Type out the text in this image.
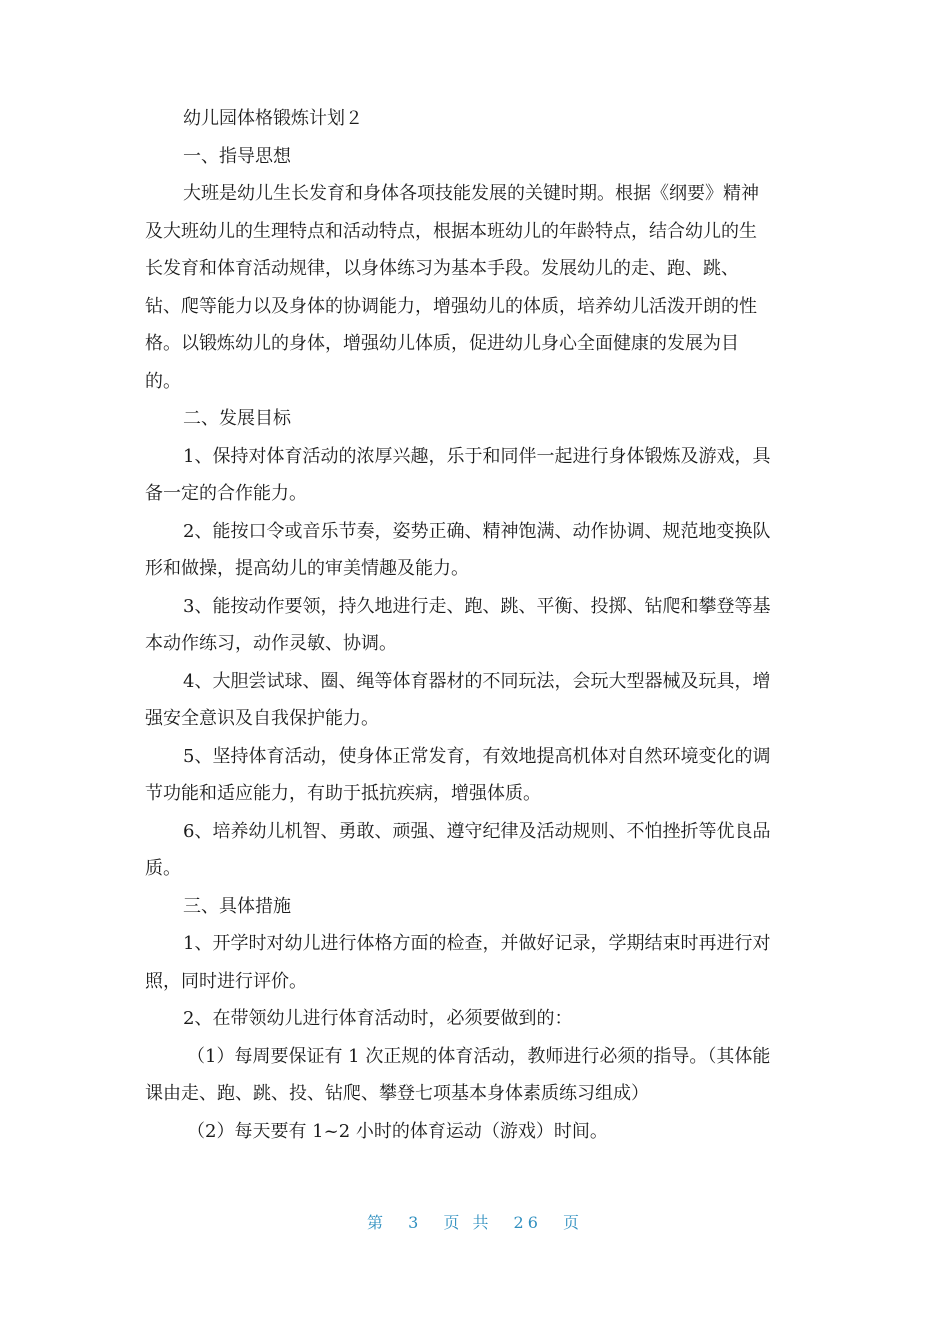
幼儿园体格锻炼计划２
一、指导思想
大班是幼儿生长发育和身体各项技能发展的关键时期。根据《纲要》精神
及大班幼儿的生理特点和活动特点，根据本班幼儿的年龄特点，结合幼儿的生
长发育和体育活动规律，以身体练习为基本手段。发展幼儿的走、跑、跳、
钻、爬等能力以及身体的协调能力，增强幼儿的体质，培养幼儿活泼开朗的性
格。以锻炼幼儿的身体，增强幼儿体质，促进幼儿身心全面健康的发展为目
的。
二、发展目标
1、保持对体育活动的浓厚兴趣，乐于和同伴一起进行身体锻炼及游戏，具
备一定的合作能力。
2、能按口令或音乐节奏，姿势正确、精神饱满、动作协调、规范地变换队
形和做操，提高幼儿的审美情趣及能力。
3、能按动作要领，持久地进行走、跑、跳、平衡、投掷、钻爬和攀登等基
本动作练习，动作灵敏、协调。
4、大胆尝试球、圈、绳等体育器材的不同玩法，会玩大型器械及玩具，增
强安全意识及自我保护能力。
5、坚持体育活动，使身体正常发育，有效地提高机体对自然环境变化的调
节功能和适应能力，有助于抵抗疾病，增强体质。
6、培养幼儿机智、勇敢、顽强、遵守纪律及活动规则、不怕挫折等优良品
质。
三、具体措施
1、开学时对幼儿进行体格方面的检查，并做好记录，学期结束时再进行对
照，同时进行评价。
2、在带领幼儿进行体育活动时，必须要做到的：
（1）每周要保证有 1 次正规的体育活动，教师进行必须的指导。（其体能
课由走、跑、跳、投、钻爬、攀登七项基本身体素质练习组成）
（2）每天要有 1~2 小时的体育运动（游戏）时间。
第 3 页 共 26 页
